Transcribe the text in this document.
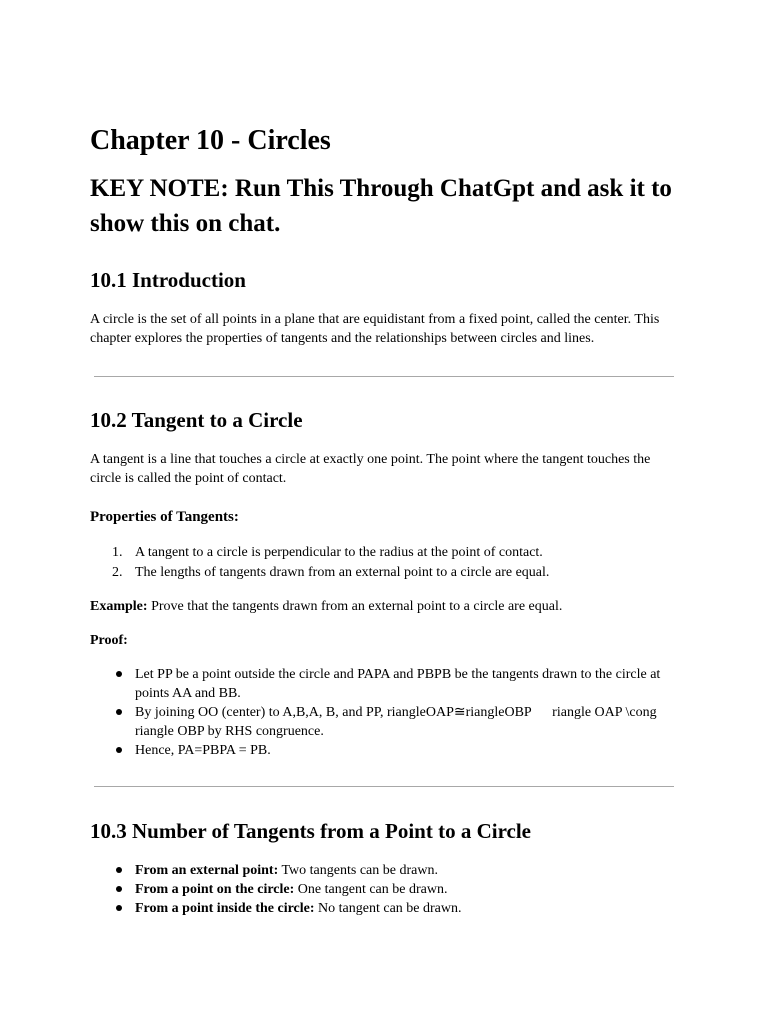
Chapter 10 - Circles
KEY NOTE: Run This Through ChatGpt and ask it to show this on chat.
10.1 Introduction

A circle is the set of all points in a plane that are equidistant from a fixed point, called the center. This chapter explores the properties of tangents and the relationships between circles and lines.

10.2 Tangent to a Circle

A tangent is a line that touches a circle at exactly one point. The point where the tangent touches the circle is called the point of contact.

Properties of Tangents:

1. A tangent to a circle is perpendicular to the radius at the point of contact.
2. The lengths of tangents drawn from an external point to a circle are equal.

Example: Prove that the tangents drawn from an external point to a circle are equal.

Proof:

Let PP be a point outside the circle and PAPA and PBPB be the tangents drawn to the circle at points AA and BB.
By joining OO (center) to A,B,A, B, and PP, riangleOAP≅riangleOBP      riangle OAP \cong riangle OBP by RHS congruence.
Hence, PA=PBPA = PB.
10.3 Number of Tangents from a Point to a Circle
From an external point: Two tangents can be drawn.
From a point on the circle: One tangent can be drawn.
From a point inside the circle: No tangent can be drawn.
